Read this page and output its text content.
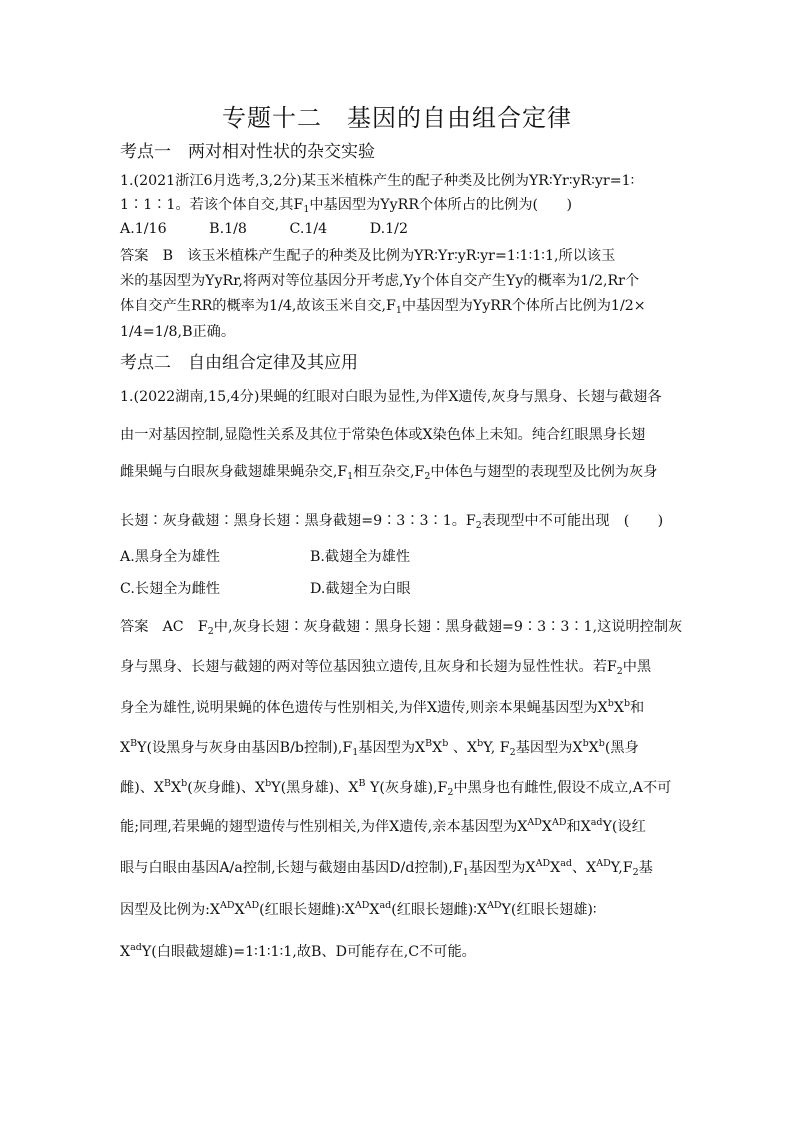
专题十二　基因的自由组合定律
考点一　两对相对性状的杂交实验
1.(2021浙江6月选考,3,2分)某玉米植株产生的配子种类及比例为YR∶Yr∶yR∶yr=1∶
1∶1∶1。若该个体自交,其$F_1$中基因型为YyRR个体所占的比例为(　　)
A.1/16　　　B.1/8　　　C.1/4　　　D.1/2
答案　B　该玉米植株产生配子的种类及比例为YR∶Yr∶yR∶yr=1∶1∶1∶1,所以该玉
米的基因型为YyRr,将两对等位基因分开考虑,Yy个体自交产生Yy的概率为1/2,Rr个
体自交产生RR的概率为1/4,故该玉米自交$,F_1$中基因型为YyRR个体所占比例为1/2×
1/4=1/8,B正确。
考点二　自由组合定律及其应用
1.(2022湖南,15,4分)果蝇的红眼对白眼为显性,为伴X遗传,灰身与黑身、长翅与截翅各
由一对基因控制,显隐性关系及其位于常染色体或X染色体上未知。纯合红眼黑身长翅
雌果蝇与白眼灰身截翅雄果蝇杂交$,F_1$相互杂交$,F_2$中体色与翅型的表现型及比例为灰身
长翅∶灰身截翅∶黑身长翅∶黑身截翅=9∶3∶3∶1。$F_2$表现型中不可能出现　(　　)
A.黑身全为雄性	B.截翅全为雄性
C.长翅全为雌性	D.截翅全为白眼
答案　AC　$F_2$中,灰身长翅∶灰身截翅∶黑身长翅∶黑身截翅=9∶3∶3∶1,这说明控制灰
身与黑身、长翅与截翅的两对等位基因独立遗传,且灰身和长翅为显性性状。若$F_2$中黑
身全为雄性,说明果蝇的体色遗传与性别相关,为伴X遗传,则亲本果蝇基因型为$X^bX^b$和
$X^BY$(设黑身与灰身由基因B/b控制)$,F_1$基因型为$X^BX^b$ 、$X^bY$, $F_2$基因型为$X^bX^b$(黑身
雌)、$X^BX^b$(灰身雌)、$X^bY$(黑身雄)、$X^B$ Y(灰身雄)$,F_2$中黑身也有雌性,假设不成立,A不可
能;同理,若果蝇的翅型遗传与性别相关,为伴X遗传,亲本基因型为$X^{AD}X^{AD}$和$X^{ad}Y$(设红
眼与白眼由基因A/a控制,长翅与截翅由基因D/d控制)$,F_1$基因型为$X^{AD}X^{ad}$、$X^{AD}Y,F_2$基
因型及比例为$:X^{AD}X^{AD}$(红眼长翅雌)$∶X^{AD}X^{ad}$(红眼长翅雌)$∶X^{AD}Y$(红眼长翅雄)∶
$X^{ad}Y$(白眼截翅雄)=1∶1∶1∶1,故B、D可能存在,C不可能。
